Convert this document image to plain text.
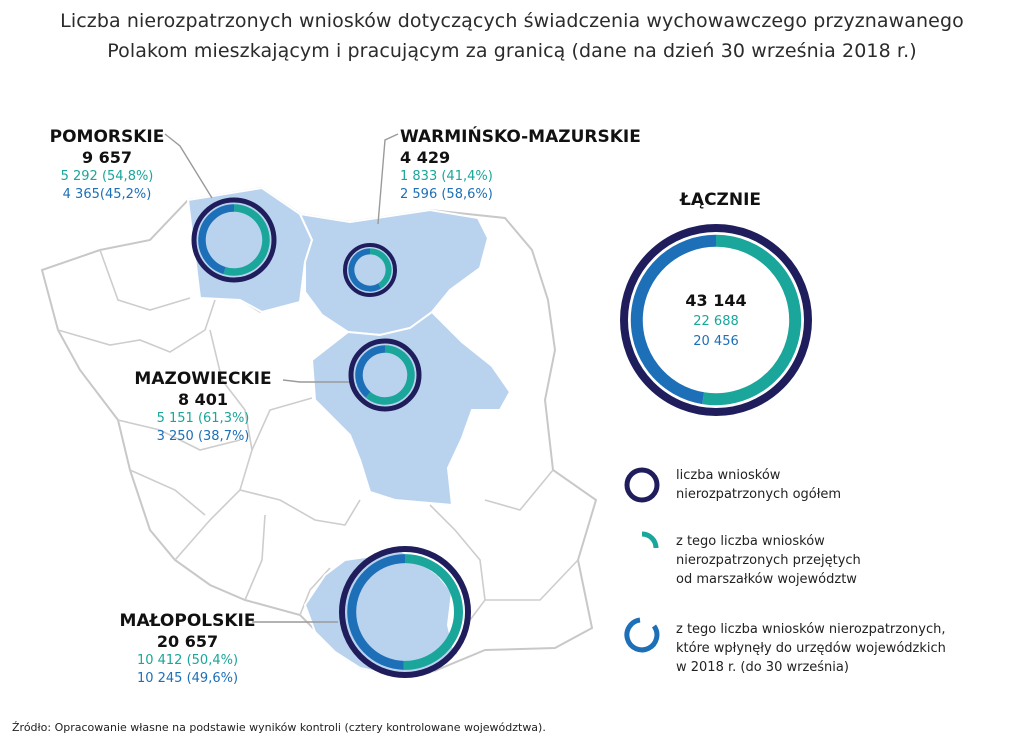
Liczba nierozpatrzonych wniosków dotyczących świadczenia wychowawczego przyznawanego
Polakom mieszkającym i pracującym za granicą (dane na dzień 30 września 2018 r.)
POMORSKIE
9 657
5 292 (54,8%)
4 365(45,2%)
WARMIŃSKO-MAZURSKIE
4 429
1 833 (41,4%)
2 596 (58,6%)
MAZOWIECKIE
8 401
5 151 (61,3%)
3 250 (38,7%)
MAŁOPOLSKIE
20 657
10 412 (50,4%)
10 245 (49,6%)
ŁĄCZNIE
43 144
22 688
20 456
liczba wniosków
nierozpatrzonych ogółem
z tego liczba wniosków
nierozpatrzonych przejętych
od marszałków województw
z tego liczba wniosków nierozpatrzonych,
które wpłynęły do urzędów wojewódzkich
w 2018 r. (do 30 września)
Źródło: Opracowanie własne na podstawie wyników kontroli (cztery kontrolowane województwa).
